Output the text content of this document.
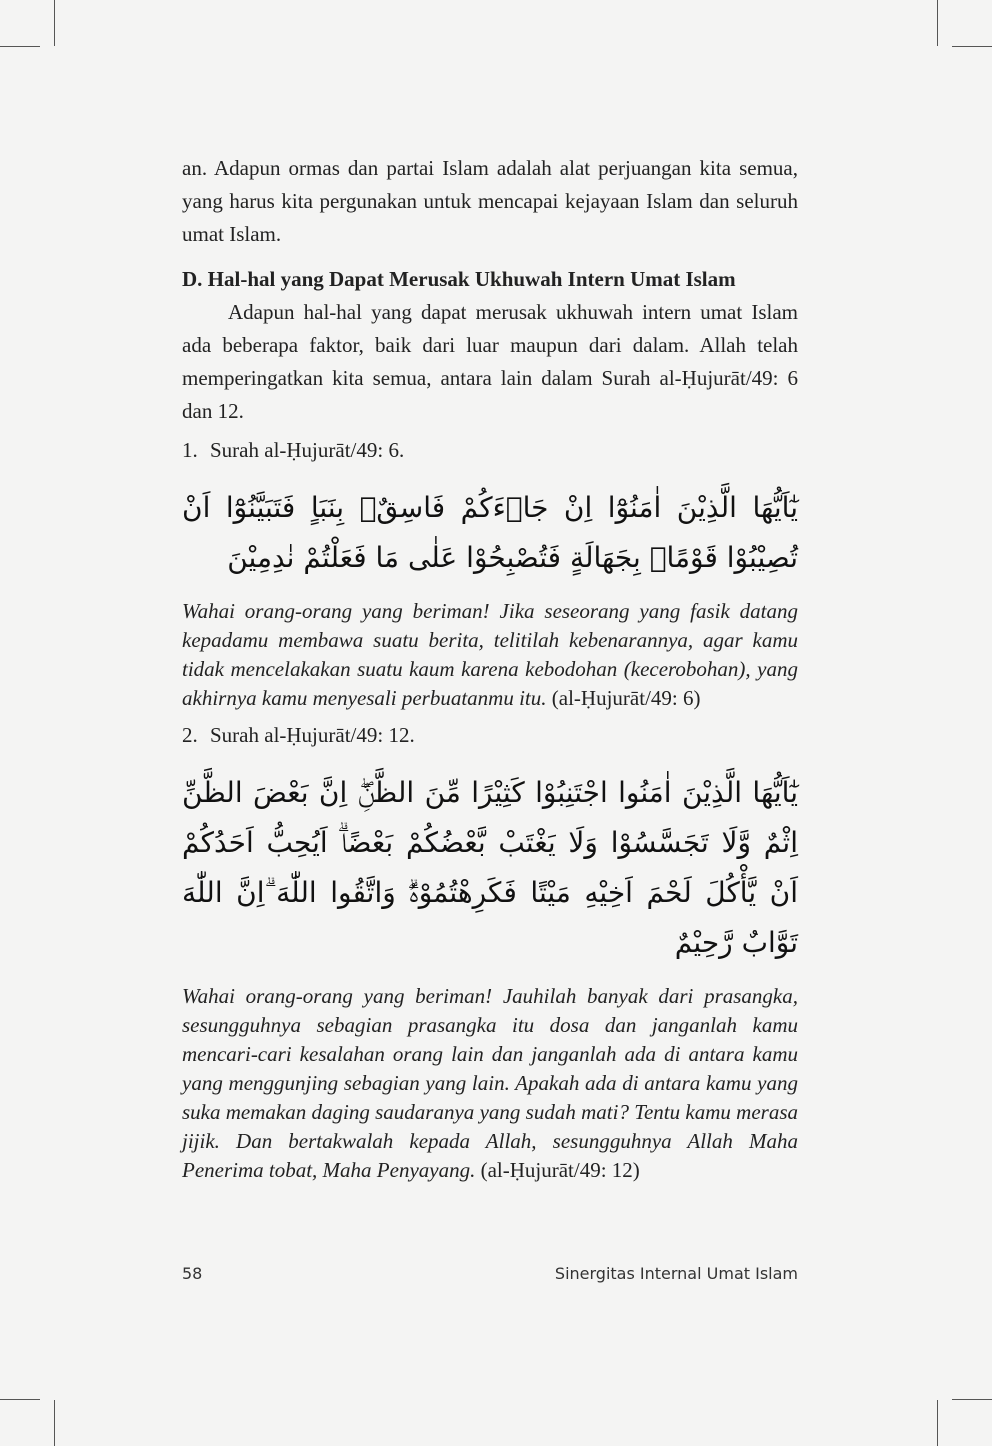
an. Adapun ormas dan partai Islam adalah alat perjuangan kita semua, yang harus kita pergunakan untuk mencapai kejayaan Islam dan seluruh umat Islam.

D. Hal-hal yang Dapat Merusak Ukhuwah Intern Umat Islam

Adapun hal-hal yang dapat merusak ukhuwah intern umat Islam ada beberapa faktor, baik dari luar maupun dari dalam. Allah telah memperingatkan kita semua, antara lain dalam Surah al-Ḥujurāt/49: 6 dan 12.

1. Surah al-Ḥujurāt/49: 6.

يٰٓاَيُّهَا الَّذِيْنَ اٰمَنُوْٓا اِنْ جَاۤءَكُمْ فَاسِقٌۢ بِنَبَاٍ فَتَبَيَّنُوْٓا اَنْ تُصِيْبُوْا قَوْمًاۢ بِجَهَالَةٍ فَتُصْبِحُوْا عَلٰى مَا فَعَلْتُمْ نٰدِمِيْنَ

Wahai orang-orang yang beriman! Jika seseorang yang fasik datang kepadamu membawa suatu berita, telitilah kebenarannya, agar kamu tidak mencelakakan suatu kaum karena kebodohan (kecerobohan), yang akhirnya kamu menyesali perbuatanmu itu. (al-Ḥujurāt/49: 6)

2. Surah al-Ḥujurāt/49: 12.

يٰٓاَيُّهَا الَّذِيْنَ اٰمَنُوا اجْتَنِبُوْا كَثِيْرًا مِّنَ الظَّنِّۖ اِنَّ بَعْضَ الظَّنِّ اِثْمٌ وَّلَا تَجَسَّسُوْا وَلَا يَغْتَبْ بَّعْضُكُمْ بَعْضًاۗ اَيُحِبُّ اَحَدُكُمْ اَنْ يَّأْكُلَ لَحْمَ اَخِيْهِ مَيْتًا فَكَرِهْتُمُوْهُۗ وَاتَّقُوا اللّٰهَ ۗاِنَّ اللّٰهَ تَوَّابٌ رَّحِيْمٌ

Wahai orang-orang yang beriman! Jauhilah banyak dari prasangka, sesungguhnya sebagian prasangka itu dosa dan janganlah kamu mencari-cari kesalahan orang lain dan janganlah ada di antara kamu yang menggunjing sebagian yang lain. Apakah ada di antara kamu yang suka memakan daging saudaranya yang sudah mati? Tentu kamu merasa jijik. Dan bertakwalah kepada Allah, sesungguhnya Allah Maha Penerima tobat, Maha Penyayang. (al-Ḥujurāt/49: 12)

58	Sinergitas Internal Umat Islam
